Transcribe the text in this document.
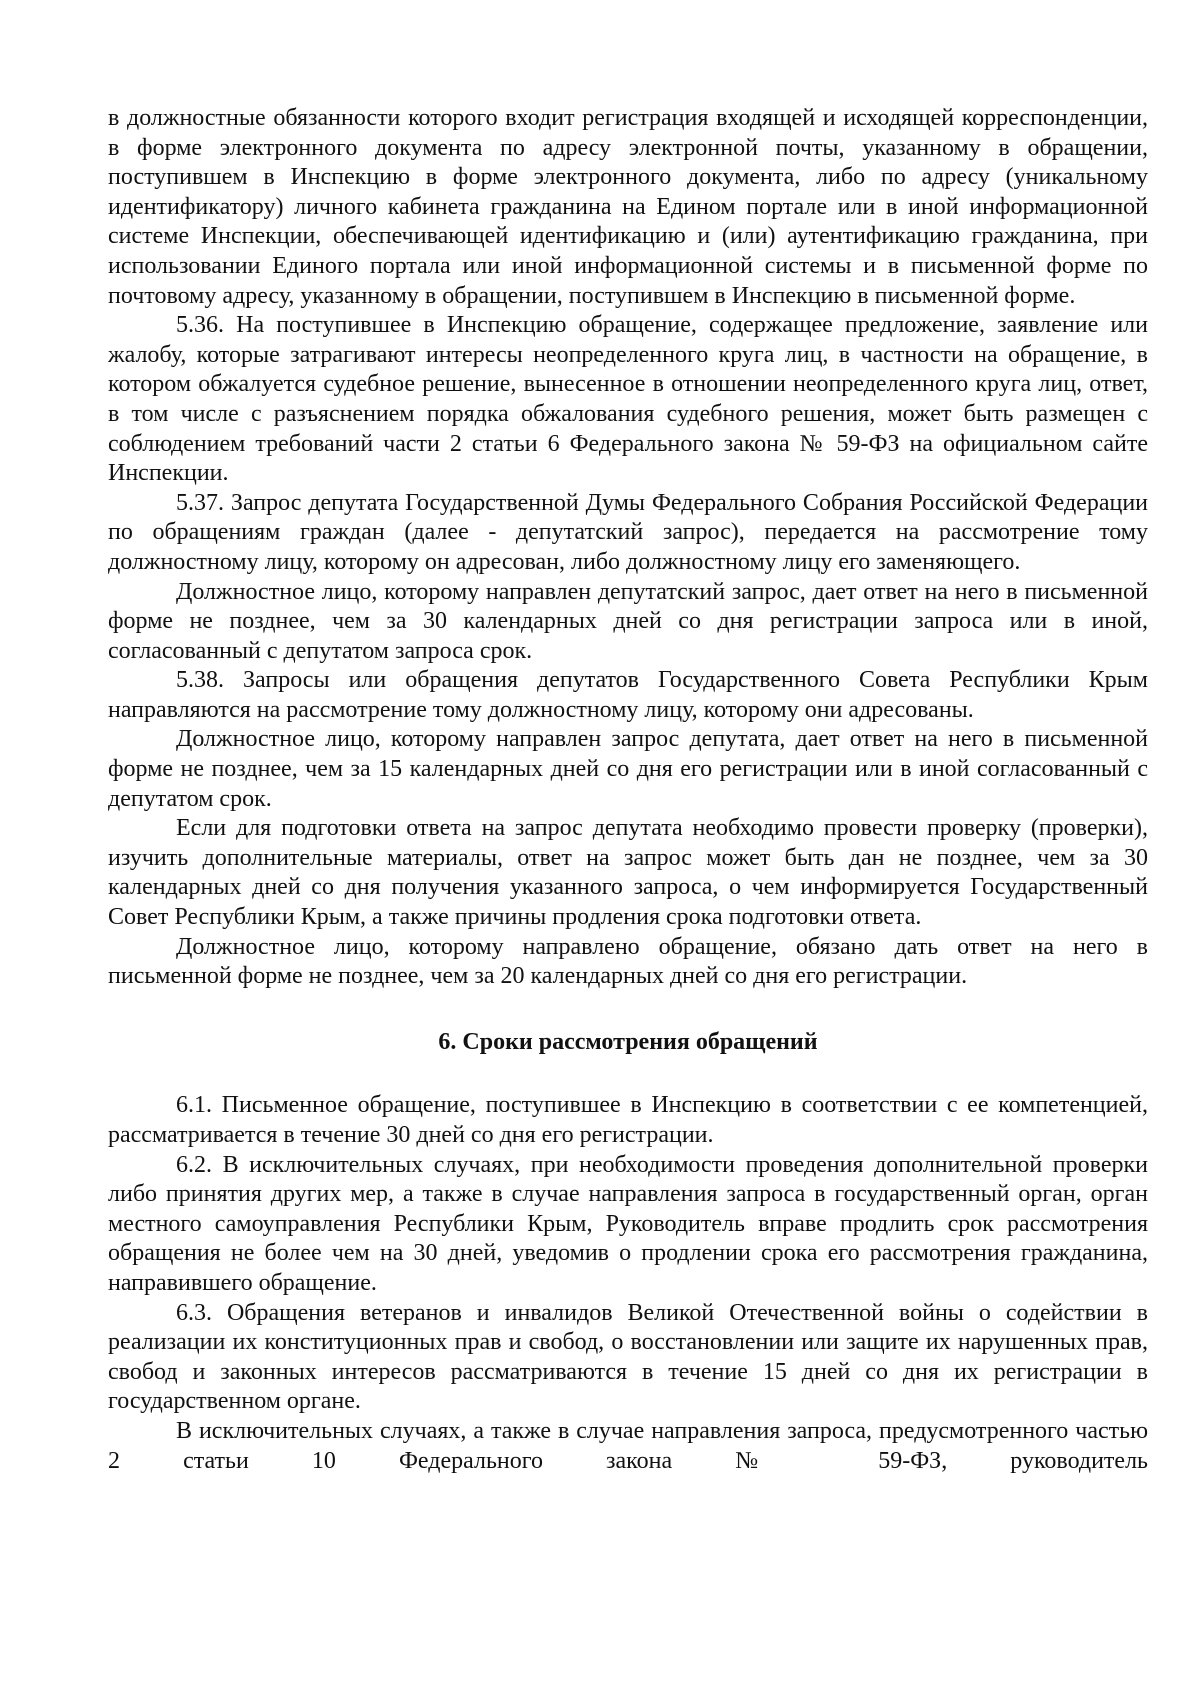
в должностные обязанности которого входит регистрация входящей и исходящей корреспонденции, в форме электронного документа по адресу электронной почты, указанному в обращении, поступившем в Инспекцию в форме электронного документа, либо по адресу (уникальному идентификатору) личного кабинета гражданина на Едином портале или в иной информационной системе Инспекции, обеспечивающей идентификацию и (или) аутентификацию гражданина, при использовании Единого портала или иной информационной системы и в письменной форме по почтовому адресу, указанному в обращении, поступившем в Инспекцию в письменной форме.

5.36. На поступившее в Инспекцию обращение, содержащее предложение, заявление или жалобу, которые затрагивают интересы неопределенного круга лиц, в частности на обращение, в котором обжалуется судебное решение, вынесенное в отношении неопределенного круга лиц, ответ, в том числе с разъяснением порядка обжалования судебного решения, может быть размещен с соблюдением требований части 2 статьи 6 Федерального закона № 59-ФЗ на официальном сайте Инспекции.

5.37. Запрос депутата Государственной Думы Федерального Собрания Российской Федерации по обращениям граждан (далее - депутатский запрос), передается на рассмотрение тому должностному лицу, которому он адресован, либо должностному лицу его заменяющего.

Должностное лицо, которому направлен депутатский запрос, дает ответ на него в письменной форме не позднее, чем за 30 календарных дней со дня регистрации запроса или в иной, согласованный с депутатом запроса срок.

5.38. Запросы или обращения депутатов Государственного Совета Республики Крым направляются на рассмотрение тому должностному лицу, которому они адресованы.

Должностное лицо, которому направлен запрос депутата, дает ответ на него в письменной форме не позднее, чем за 15 календарных дней со дня его регистрации или в иной согласованный с депутатом срок.

Если для подготовки ответа на запрос депутата необходимо провести проверку (проверки), изучить дополнительные материалы, ответ на запрос может быть дан не позднее, чем за 30 календарных дней со дня получения указанного запроса, о чем информируется Государственный Совет Республики Крым, а также причины продления срока подготовки ответа.

Должностное лицо, которому направлено обращение, обязано дать ответ на него в письменной форме не позднее, чем за 20 календарных дней со дня его регистрации.

6. Сроки рассмотрения обращений

6.1. Письменное обращение, поступившее в Инспекцию в соответствии с ее компетенцией, рассматривается в течение 30 дней со дня его регистрации.

6.2. В исключительных случаях, при необходимости проведения дополнительной проверки либо принятия других мер, а также в случае направления запроса в государственный орган, орган местного самоуправления Республики Крым, Руководитель вправе продлить срок рассмотрения обращения не более чем на 30 дней, уведомив о продлении срока его рассмотрения гражданина, направившего обращение.

6.3. Обращения ветеранов и инвалидов Великой Отечественной войны о содействии в реализации их конституционных прав и свобод, о восстановлении или защите их нарушенных прав, свобод и законных интересов рассматриваются в течение 15 дней со дня их регистрации в государственном органе.

В исключительных случаях, а также в случае направления запроса, предусмотренного частью 2 статьи 10 Федерального закона № 59-ФЗ, руководитель
